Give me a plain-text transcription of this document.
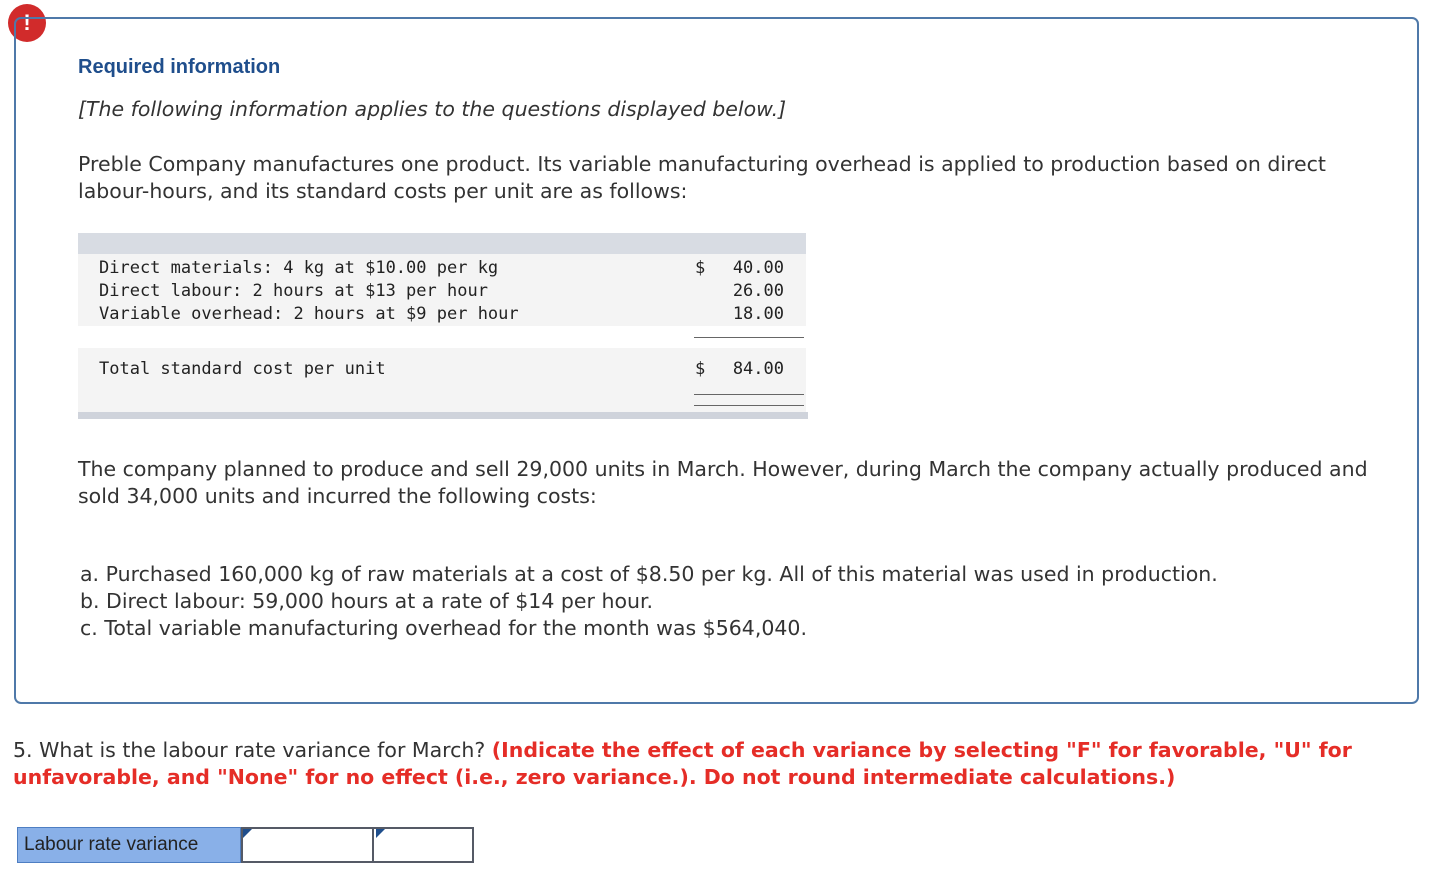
!
Required information
[The following information applies to the questions displayed below.]
Preble Company manufactures one product. Its variable manufacturing overhead is applied to production based on direct labour-hours, and its standard costs per unit are as follows:
Direct materials: 4 kg at $10.00 per kg	$	40.00
Direct labour: 2 hours at $13 per hour	26.00
Variable overhead: 2 hours at $9 per hour	18.00
Total standard cost per unit	$	84.00
The company planned to produce and sell 29,000 units in March. However, during March the company actually produced and sold 34,000 units and incurred the following costs:
a. Purchased 160,000 kg of raw materials at a cost of $8.50 per kg. All of this material was used in production.
b. Direct labour: 59,000 hours at a rate of $14 per hour.
c. Total variable manufacturing overhead for the month was $564,040.
5. What is the labour rate variance for March? (Indicate the effect of each variance by selecting "F" for favorable, "U" for unfavorable, and "None" for no effect (i.e., zero variance.). Do not round intermediate calculations.)
Labour rate variance
